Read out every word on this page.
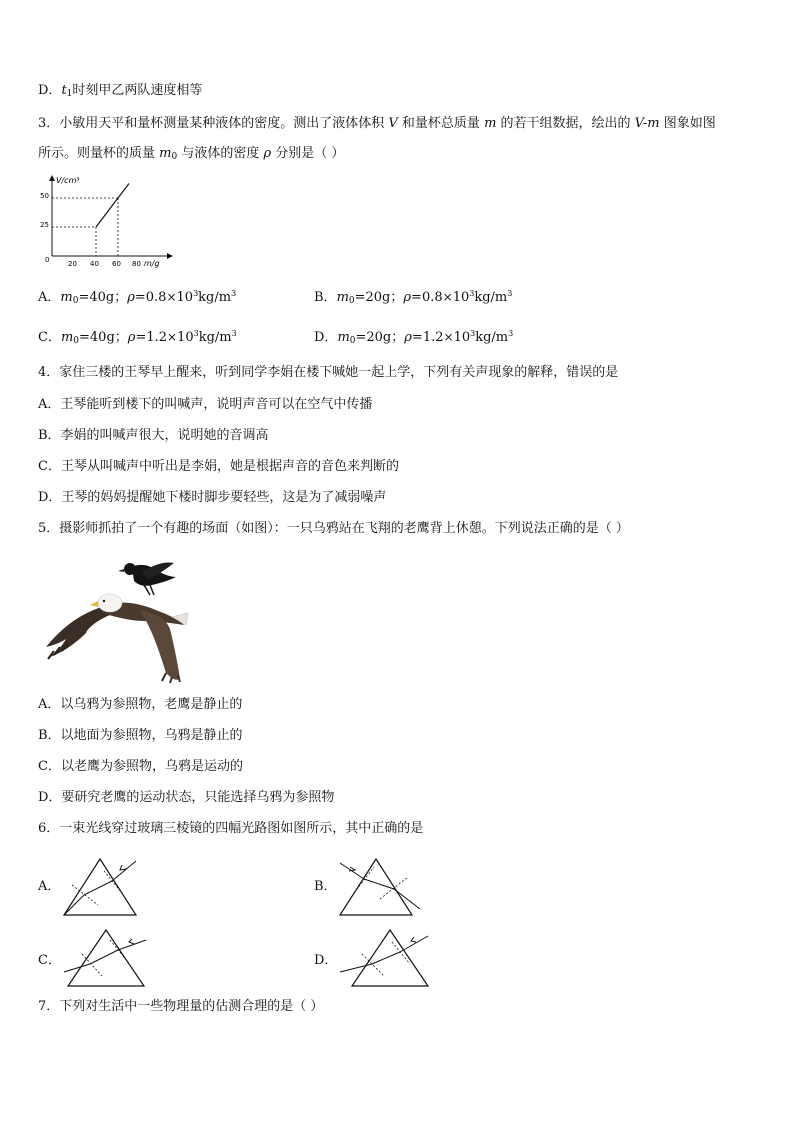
D．$t_1$时刻甲乙两队速度相等
3．小敏用天平和量杯测量某种液体的密度。测出了液体体积 V 和量杯总质量 m 的若干组数据，绘出的 V-m 图象如图
所示。则量杯的质量 $m_0$ 与液体的密度 ρ 分别是（ ）
V/cm³
m/g
0
50
25
20 40 60 80
A．$m_0=40g$；$\rho=0.8\times 10^3kg/m^3$	B．$m_0=20g$；$\rho=0.8\times 10^3kg/m^3$
C．$m_0=40g$；$\rho=1.2\times 10^3kg/m^3$	D．$m_0=20g$；$\rho=1.2\times 10^3kg/m^3$
4．家住三楼的王琴早上醒来，听到同学李娟在楼下喊她一起上学，下列有关声现象的解释，错误的是
A．王琴能听到楼下的叫喊声，说明声音可以在空气中传播
B．李娟的叫喊声很大，说明她的音调高
C．王琴从叫喊声中听出是李娟，她是根据声音的音色来判断的
D．王琴的妈妈提醒她下楼时脚步要轻些，这是为了减弱噪声
5．摄影师抓拍了一个有趣的场面（如图）：一只乌鸦站在飞翔的老鹰背上休憩。下列说法正确的是（ ）
A．以乌鸦为参照物，老鹰是静止的
B．以地面为参照物，乌鸦是静止的
C．以老鹰为参照物，乌鸦是运动的
D．要研究老鹰的运动状态，只能选择乌鸦为参照物
6．一束光线穿过玻璃三棱镜的四幅光路图如图所示，其中正确的是
A．	B．
C．	D．
7．下列对生活中一些物理量的估测合理的是（ ）
